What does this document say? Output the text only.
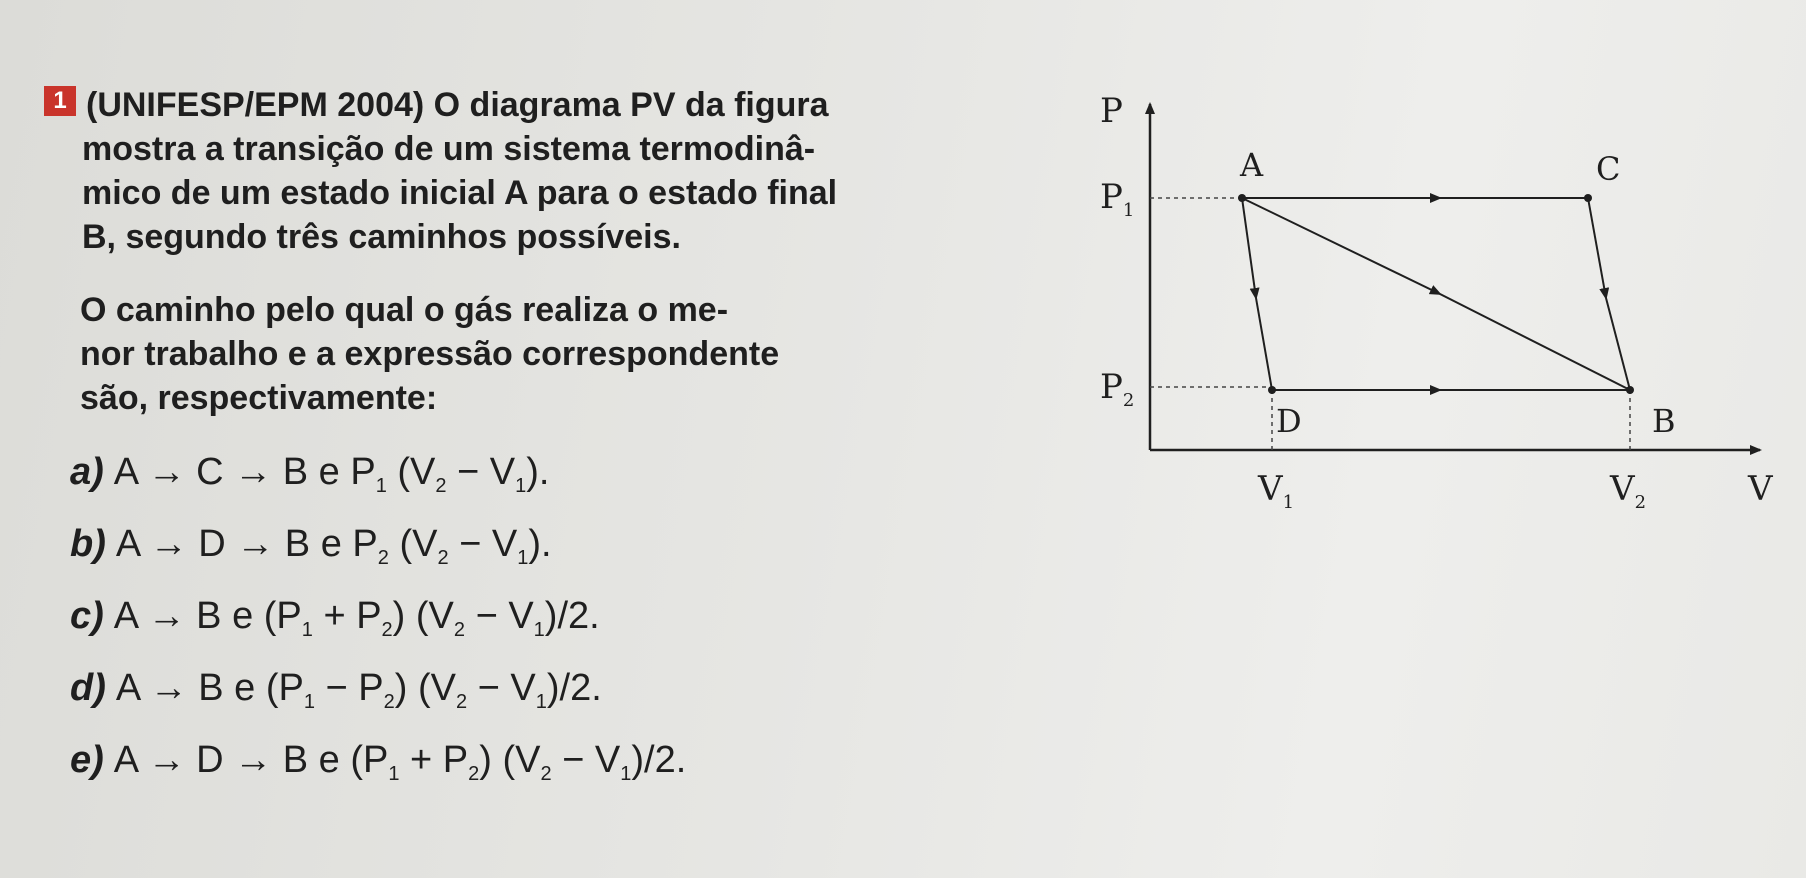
1 (UNIFESP/EPM 2004) O diagrama PV da figura

mostra a transição de um sistema termodinâ-

mico de um estado inicial A para o estado final

B, segundo três caminhos possíveis.

O caminho pelo qual o gás realiza o me-

nor trabalho e a expressão correspondente

são, respectivamente:

a) A → C → B e $P_1$ $(V_2 - V_1)$.
b) A → D → B e $P_2$ $(V_2 - V_1)$.
c) A → B e $(P_1 + P_2) (V_2 - V_1)/2$.
d) A → B e $(P_1 - P_2) (V_2 - V_1)/2$.
e) A → D → B e $(P_1 + P_2) (V_2 - V_1)/2$.
P
V
$P_1$
$P_2$
$V_1$	$V_2$
A	C
D	B
